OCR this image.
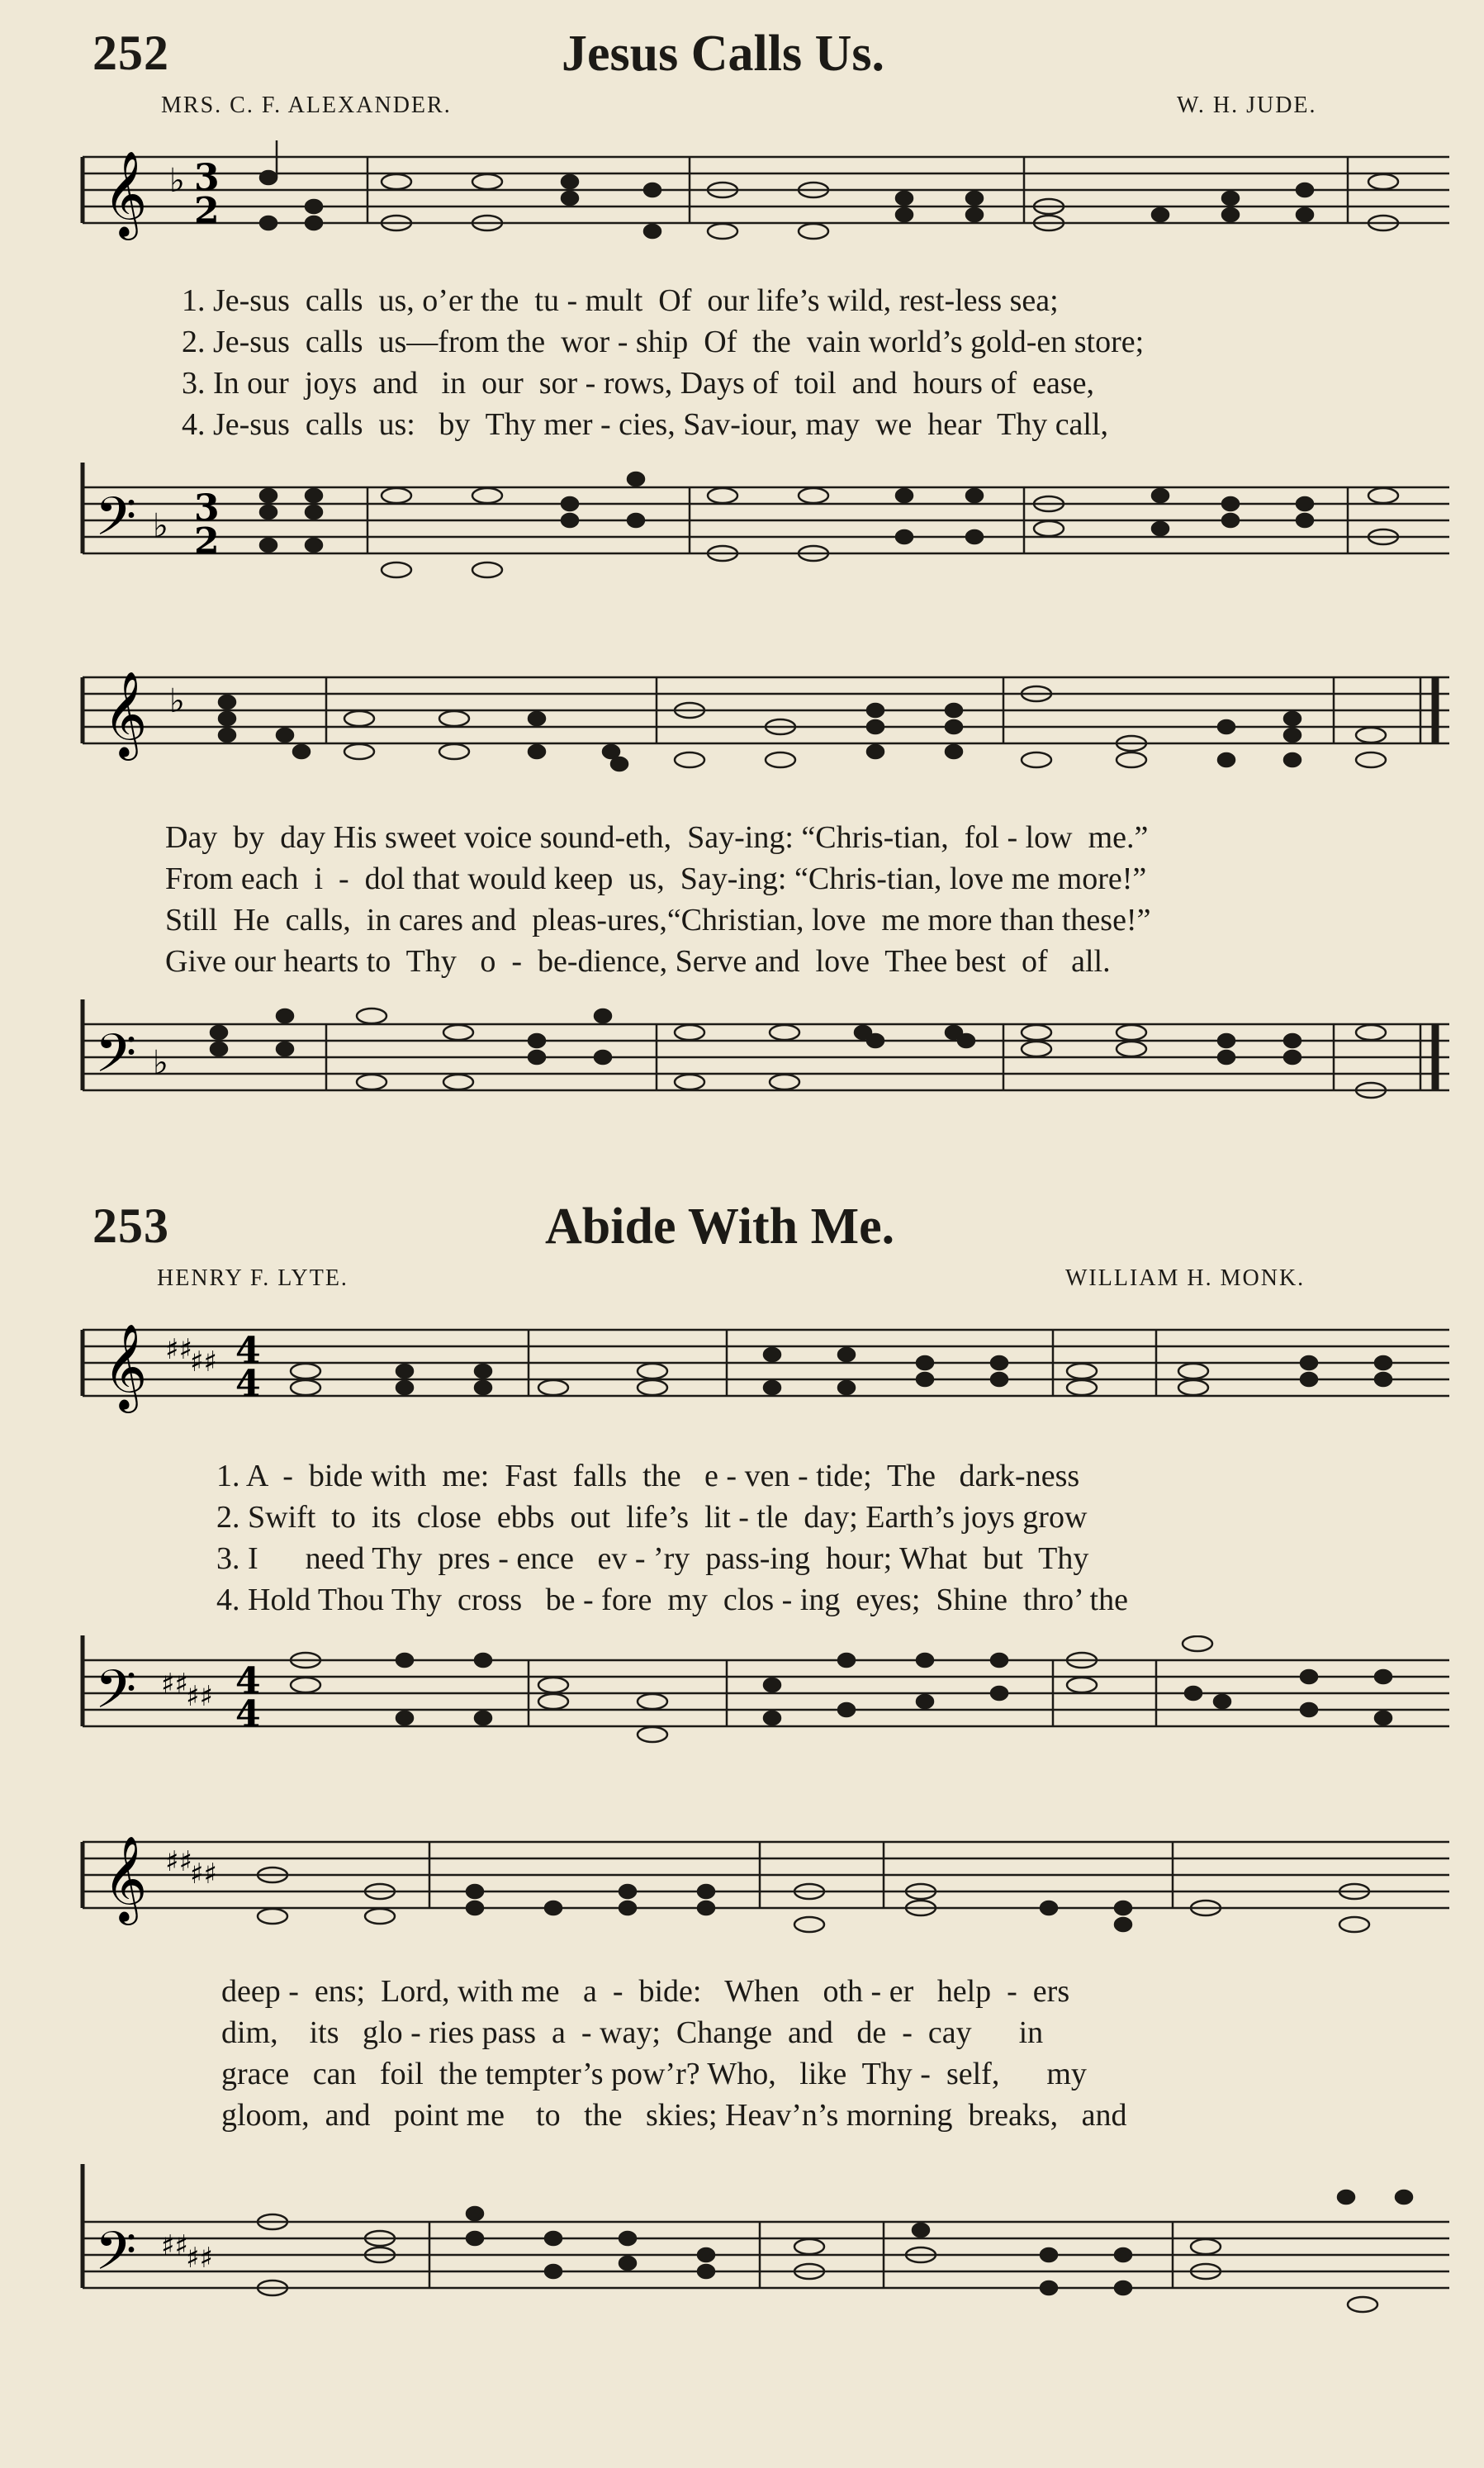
252	Jesus Calls Us.
MRS. C. F. ALEXANDER.	W. H. JUDE.
𝄞 ♭ 3
2
1. Je-sus  calls  us, o’er the  tu - mult  Of  our life’s wild, rest-less sea;
2. Je-sus  calls  us—from the  wor - ship  Of  the  vain world’s gold-en store;
3. In our  joys  and   in  our  sor - rows, Days of  toil  and  hours of  ease,
4. Je-sus  calls  us:   by  Thy mer - cies, Sav-iour, may  we  hear  Thy call,
𝄢 ♭ 3
2
𝄞 ♭
Day  by  day His sweet voice sound-eth,  Say-ing: “Chris-tian,  fol - low  me.”
From each  i  -  dol that would keep  us,  Say-ing: “Chris-tian, love me more!”
Still  He  calls,  in cares and  pleas-ures,“Christian, love  me more than these!”
Give our hearts to  Thy   o  -  be-dience, Serve and  love  Thee best  of   all.
𝄢 ♭
253	Abide With Me.
HENRY F. LYTE.	WILLIAM H. MONK.
𝄞 ♯♯
♯♯ 4
4
1. A  -  bide with  me:  Fast  falls  the   e - ven - tide;  The   dark-ness
2. Swift  to  its  close  ebbs  out  life’s  lit - tle  day; Earth’s joys grow
3. I      need Thy  pres - ence   ev - ’ry  pass-ing  hour; What  but  Thy
4. Hold Thou Thy  cross   be - fore  my  clos - ing  eyes;  Shine  thro’ the
𝄢 ♯♯
♯♯ 4
4
𝄞 ♯♯
♯♯
deep -  ens;  Lord, with me   a  -  bide:   When   oth - er   help  -  ers
dim,    its   glo - ries pass  a  - way;  Change  and   de  -  cay      in
grace   can   foil  the tempter’s pow’r? Who,   like  Thy -  self,      my
gloom,  and   point me    to   the   skies; Heav’n’s morning  breaks,   and
𝄢 ♯♯
♯♯
